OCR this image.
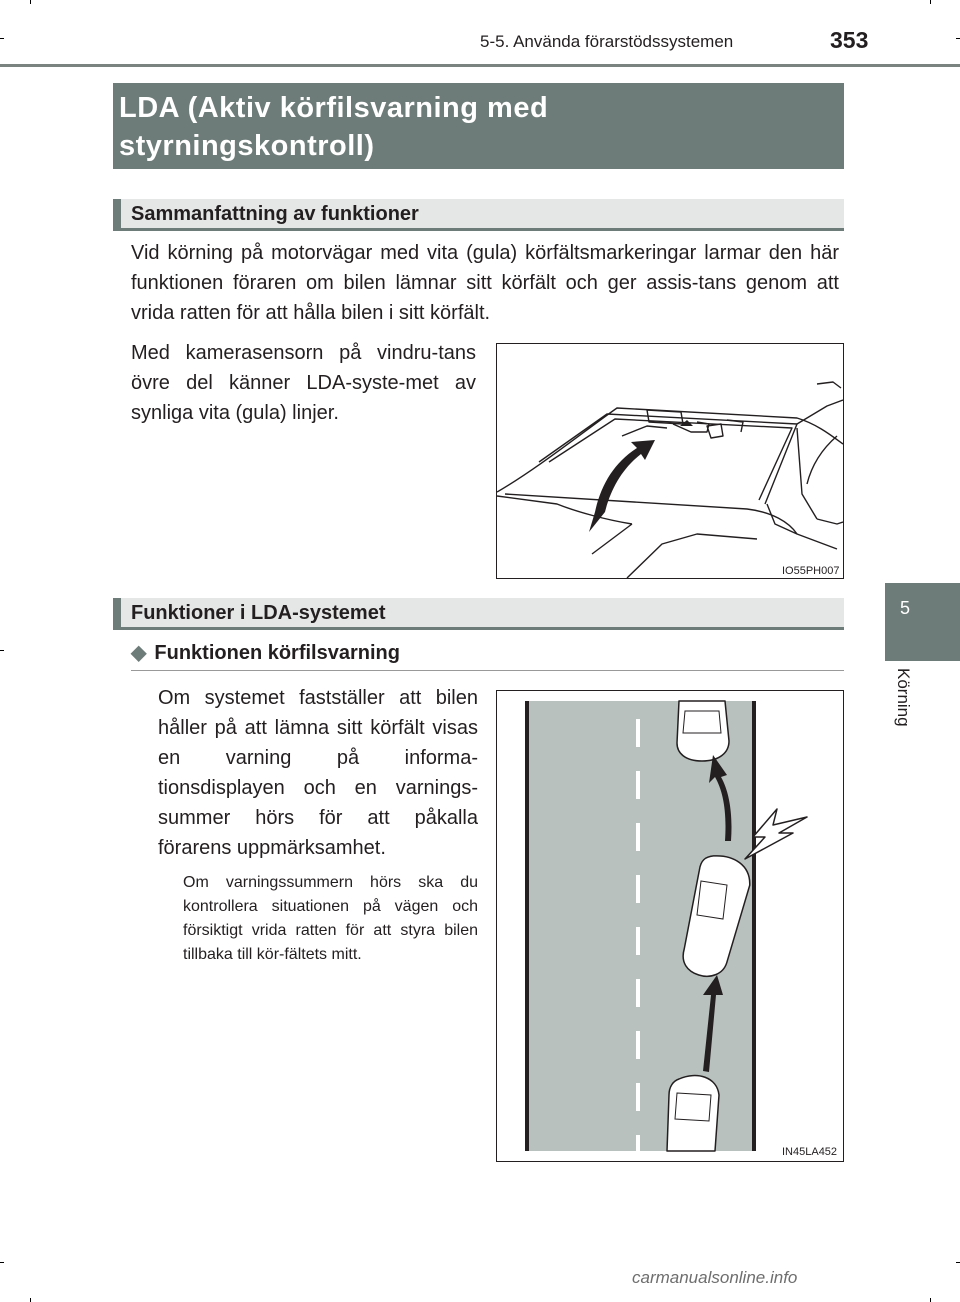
5-5. Använda förarstödssystemen	353
LDA (Aktiv körfilsvarning med
styrningskontroll)
Sammanfattning av funktioner
Vid körning på motorvägar med vita (gula) körfältsmarkeringar larmar den här funktionen föraren om bilen lämnar sitt körfält och ger assis-tans genom att vrida ratten för att hålla bilen i sitt körfält.
Med kamerasensorn på vindru-tans övre del känner LDA-syste-met av synliga vita (gula) linjer.
IO55PH007
Funktioner i LDA-systemet
◆ Funktionen körfilsvarning
Om systemet fastställer att bilen håller på att lämna sitt körfält visas en varning på informa-tionsdisplayen och en varnings-summer hörs för att påkalla förarens uppmärksamhet.
Om varningssummern hörs ska du kontrollera situationen på vägen och försiktigt vrida ratten för att styra bilen tillbaka till kör-fältets mitt.
IN45LA452
5
Körning
carmanualsonline.info
